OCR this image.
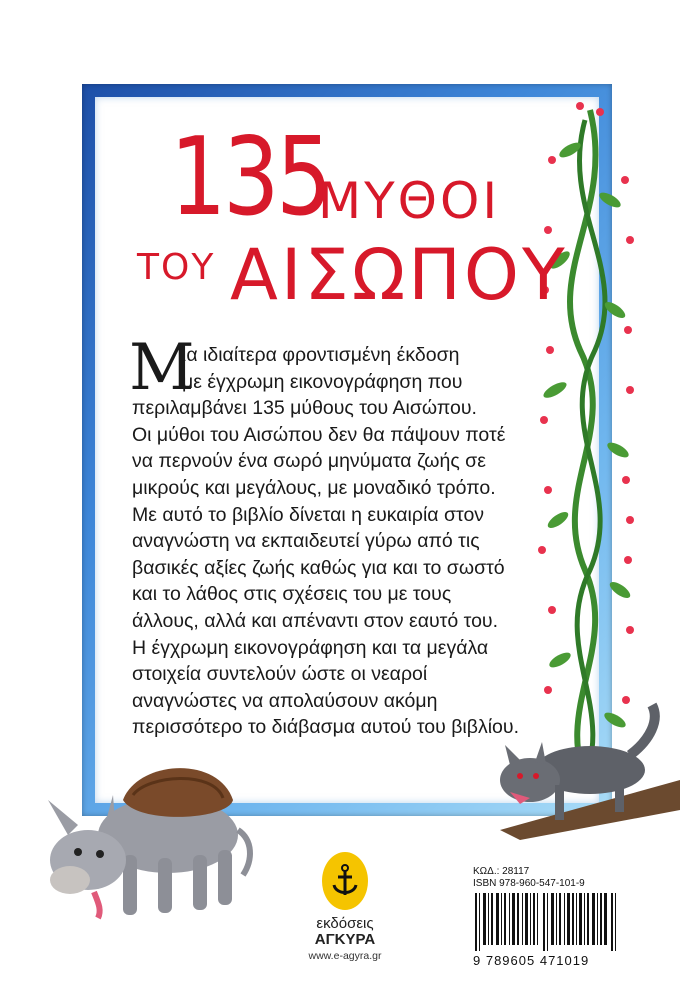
135
ΜΥΘΟΙ
ΤΟΥ ΑΙΣΩΠΟΥ
Μ
ια ιδιαίτερα φροντισμένη έκδοση
με έγχρωμη εικονογράφηση που
περιλαμβάνει 135 μύθους του Αισώπου.
Οι μύθοι του Αισώπου δεν θα πάψουν ποτέ
να περνούν ένα σωρό μηνύματα ζωής σε
μικρούς και μεγάλους, με μοναδικό τρόπο.
Με αυτό το βιβλίο δίνεται η ευκαιρία στον
αναγνώστη να εκπαιδευτεί γύρω από τις
βασικές αξίες ζωής καθώς για και το σωστό
και το λάθος στις σχέσεις του με τους
άλλους, αλλά και απέναντι στον εαυτό του.
Η έγχρωμη εικονογράφηση και τα μεγάλα
στοιχεία συντελούν ώστε οι νεαροί
αναγνώστες να απολαύσουν ακόμη
περισσότερο το διάβασμα αυτού του βιβλίου.
εκδόσεις
ΑΓΚΥΡΑ
www.e-agyra.gr
ΚΩΔ.: 28117
ISBN 978-960-547-101-9
9 789605 471019
